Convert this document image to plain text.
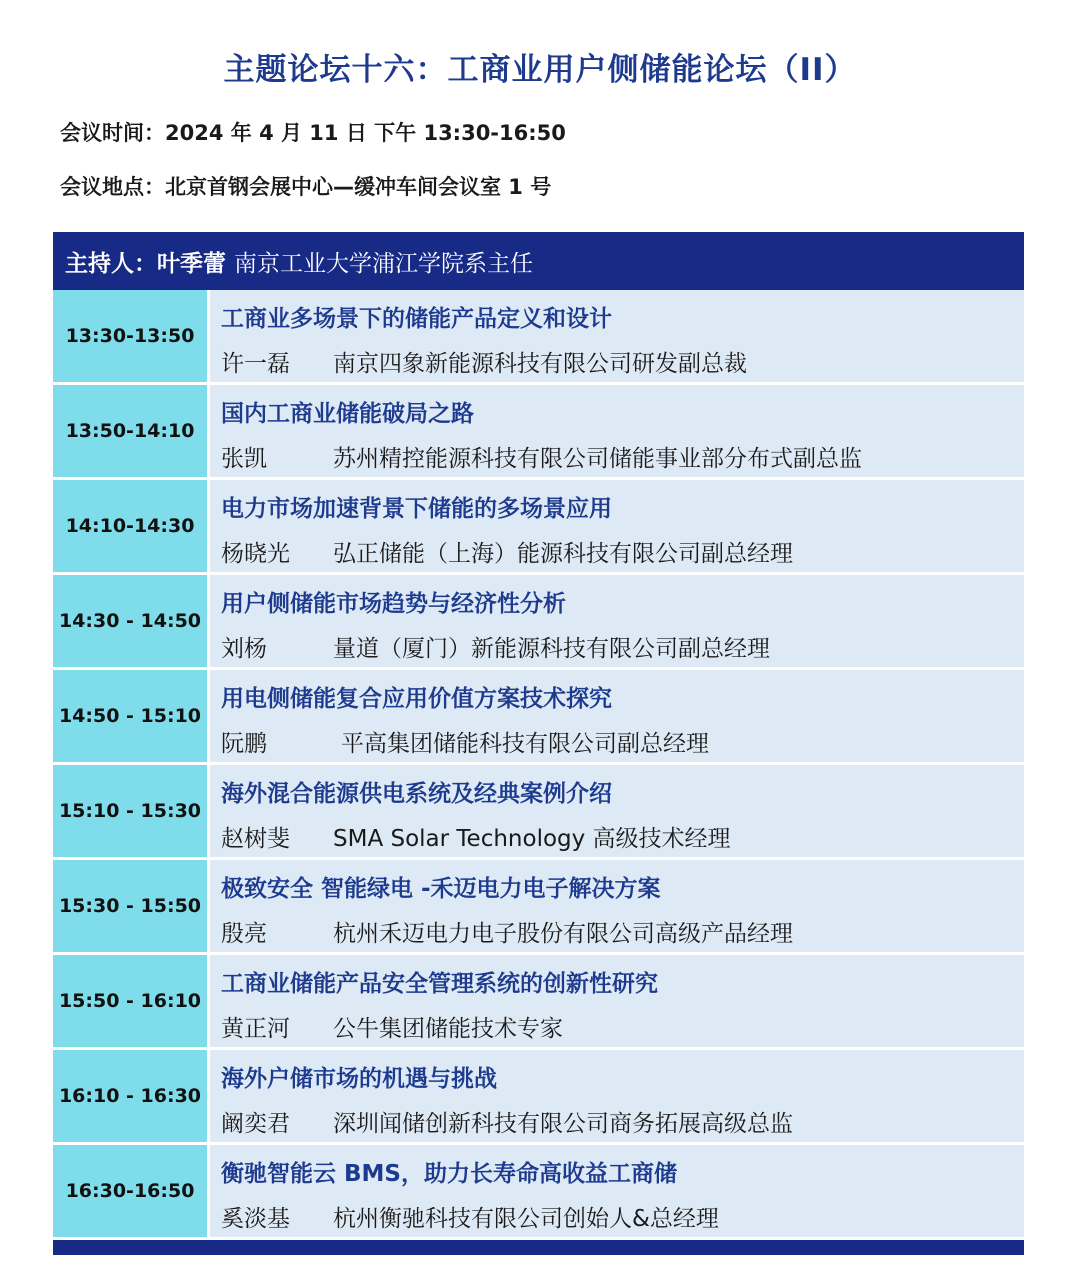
主题论坛十六：工商业用户侧储能论坛（II）
会议时间：2024 年 4 月 11 日 下午 13:30-16:50
会议地点：北京首钢会展中心—缓冲车间会议室 1 号
主持人： 叶季蕾 南京工业大学浦江学院系主任
13:30-13:50
工商业多场景下的储能产品定义和设计
许一磊 南京四象新能源科技有限公司研发副总裁
13:50-14:10
国内工商业储能破局之路
张凯	苏州精控能源科技有限公司储能事业部分布式副总监
14:10-14:30
电力市场加速背景下储能的多场景应用
杨晓光 弘正储能（上海）能源科技有限公司副总经理
14:30 - 14:50
用户侧储能市场趋势与经济性分析
刘杨	量道（厦门）新能源科技有限公司副总经理
14:50 - 15:10
用电侧储能复合应用价值方案技术探究
阮鹏	平高集团储能科技有限公司副总经理
15:10 - 15:30
海外混合能源供电系统及经典案例介绍
赵树斐 SMA Solar Technology 高级技术经理
15:30 - 15:50
极致安全 智能绿电 -禾迈电力电子解决方案
殷亮	杭州禾迈电力电子股份有限公司高级产品经理
15:50 - 16:10
工商业储能产品安全管理系统的创新性研究
黄正河 公牛集团储能技术专家
16:10 - 16:30
海外户储市场的机遇与挑战
阚奕君 深圳闻储创新科技有限公司商务拓展高级总监
16:30-16:50
衡驰智能云 BMS，助力长寿命高收益工商储
奚淡基 杭州衡驰科技有限公司创始人&总经理
